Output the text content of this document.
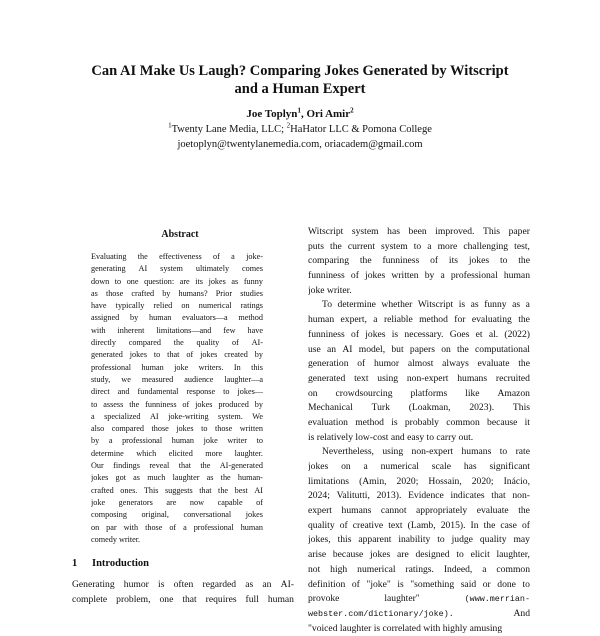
Can AI Make Us Laugh? Comparing Jokes Generated by Witscript
and a Human Expert
Joe Toplyn$^1$, Ori Amir$^2$
$^1$Twenty Lane Media, LLC; $^2$HaHator LLC & Pomona College
joetoplyn@twentylanemedia.com, oriacadem@gmail.com
Abstract
Evaluating the effectiveness of a joke-
generating AI system ultimately comes
down to one question: are its jokes as funny
as those crafted by humans? Prior studies
have typically relied on numerical ratings
assigned by human evaluators—a method
with inherent limitations—and few have
directly compared the quality of AI-
generated jokes to that of jokes created by
professional human joke writers. In this
study, we measured audience laughter—a
direct and fundamental response to jokes—
to assess the funniness of jokes produced by
a specialized AI joke-writing system. We
also compared those jokes to those written
by a professional human joke writer to
determine which elicited more laughter.
Our findings reveal that the AI-generated
jokes got as much laughter as the human-
crafted ones. This suggests that the best AI
joke generators are now capable of
composing original, conversational jokes
on par with those of a professional human
comedy writer.
1 Introduction
Generating humor is often regarded as an AI-
complete problem, one that requires full human
Witscript system has been improved. This paper
puts the current system to a more challenging test,
comparing the funniness of its jokes to the
funniness of jokes written by a professional human
joke writer.
To determine whether Witscript is as funny as a
human expert, a reliable method for evaluating the
funniness of jokes is necessary. Goes et al. (2022)
use an AI model, but papers on the computational
generation of humor almost always evaluate the
generated text using non-expert humans recruited
on crowdsourcing platforms like Amazon
Mechanical Turk (Loakman, 2023). This
evaluation method is probably common because it
is relatively low-cost and easy to carry out.
Nevertheless, using non-expert humans to rate
jokes on a numerical scale has significant
limitations (Amin, 2020; Hossain, 2020; Inácio,
2024; Valitutti, 2013). Evidence indicates that non-
expert humans cannot appropriately evaluate the
quality of creative text (Lamb, 2015). In the case of
jokes, this apparent inability to judge quality may
arise because jokes are designed to elicit laughter,
not high numerical ratings. Indeed, a common
definition of "joke" is "something said or done to
provoke	laughter"	(www.merrian-
webster.com/dictionary/joke).	And
"voiced laughter is correlated with highly amusing
